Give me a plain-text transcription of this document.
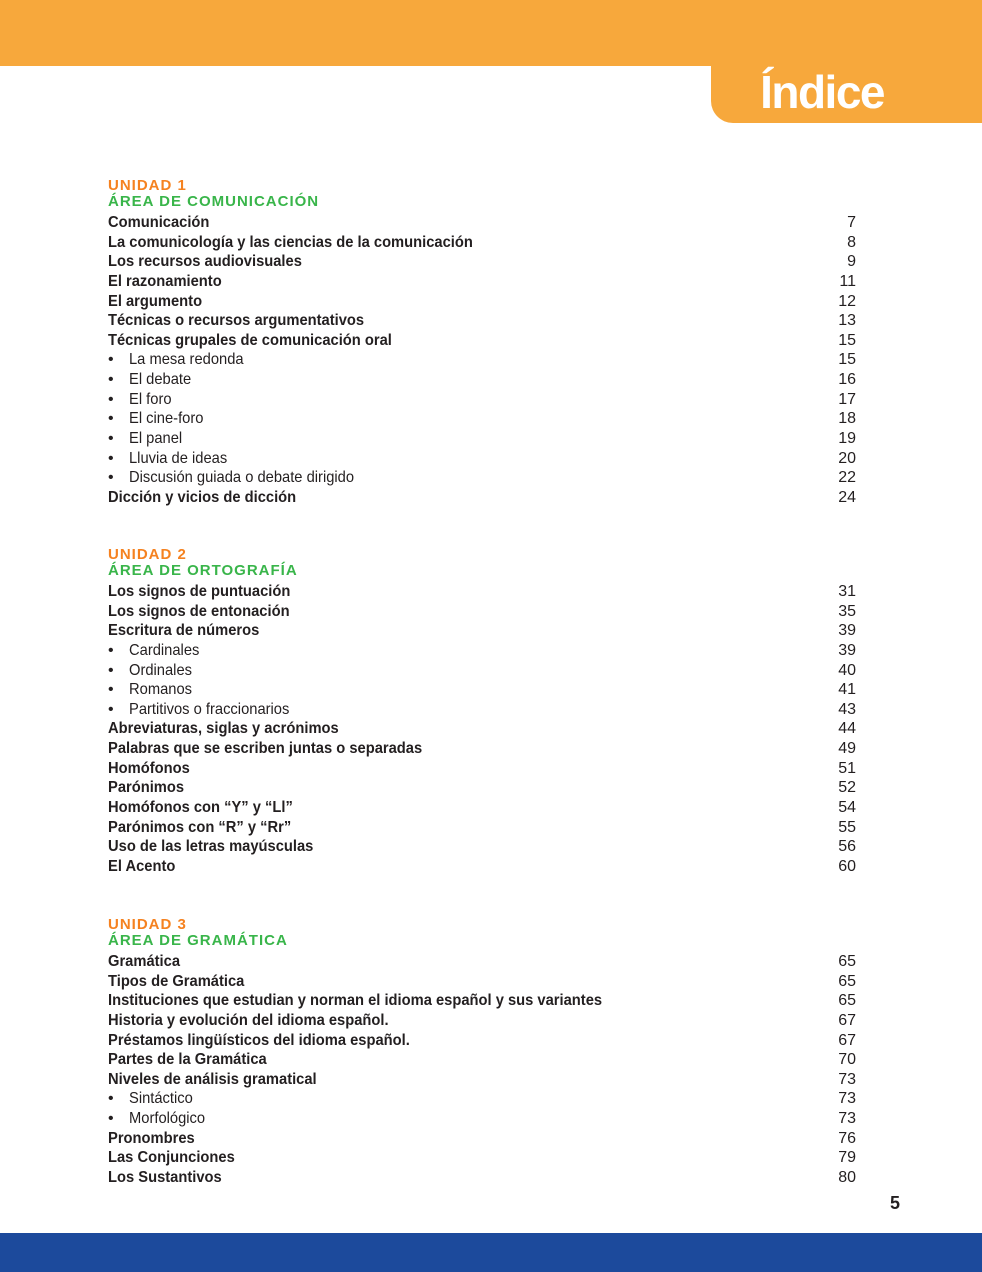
Índice
UNIDAD 1
ÁREA DE COMUNICACIÓN
Comunicación	7
La comunicología y las ciencias de la comunicación	8
Los recursos audiovisuales	9
El razonamiento	11
El argumento	12
Técnicas o recursos argumentativos	13
Técnicas grupales de comunicación oral	15
• La mesa redonda	15
• El debate	16
• El foro	17
• El cine-foro	18
• El panel	19
• Lluvia de ideas	20
• Discusión guiada o debate dirigido	22
Dicción y vicios de dicción	24
UNIDAD 2
ÁREA DE ORTOGRAFÍA
Los signos de puntuación	31
Los signos de entonación	35
Escritura de números	39
• Cardinales	39
• Ordinales	40
• Romanos	41
• Partitivos o fraccionarios	43
Abreviaturas, siglas y acrónimos	44
Palabras que se escriben juntas o separadas	49
Homófonos	51
Parónimos	52
Homófonos con “Y” y “Ll”	54
Parónimos con “R” y “Rr”	55
Uso de las letras mayúsculas	56
El Acento	60
UNIDAD 3
ÁREA DE GRAMÁTICA
Gramática	65
Tipos de Gramática	65
Instituciones que estudian y norman el idioma español y sus variantes	65
Historia y evolución del idioma español.	67
Préstamos lingüísticos del idioma español.	67
Partes de la Gramática	70
Niveles de análisis gramatical	73
• Sintáctico	73
• Morfológico	73
Pronombres	76
Las Conjunciones	79
Los Sustantivos	80
5
